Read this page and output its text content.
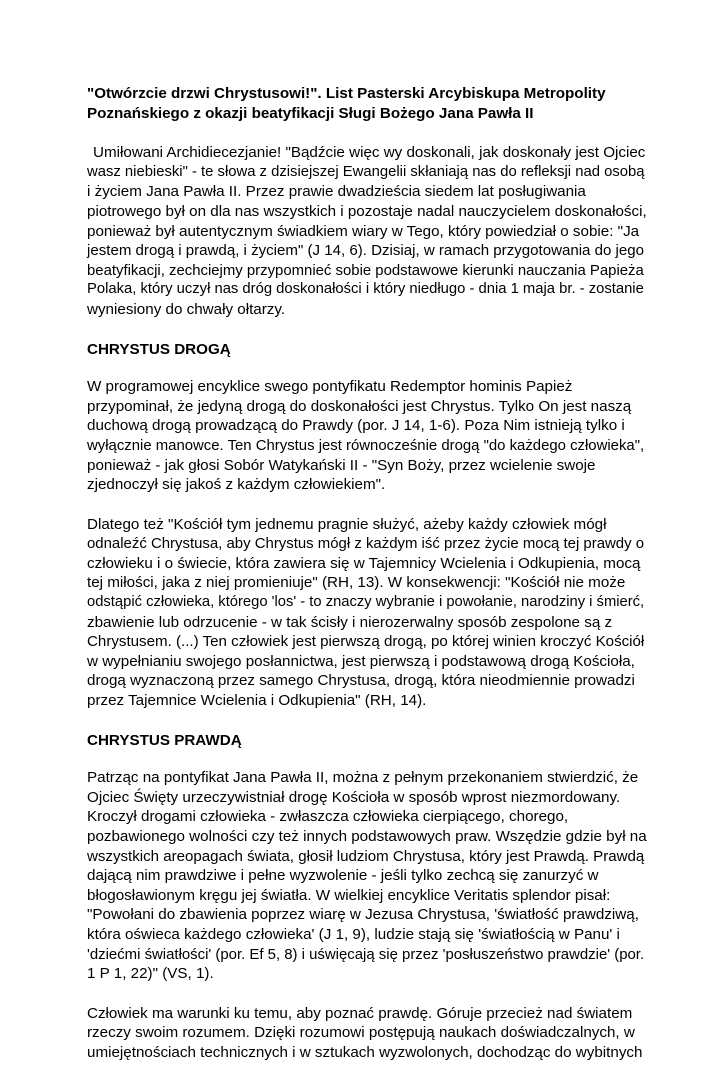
"Otwórzcie drzwi Chrystusowi!". List Pasterski Arcybiskupa Metropolity
Poznańskiego z okazji beatyfikacji Sługi Bożego Jana Pawła II

Umiłowani Archidiecezjanie! "Bądźcie więc wy doskonali, jak doskonały jest Ojciec
wasz niebieski" - te słowa z dzisiejszej Ewangelii skłaniają nas do refleksji nad osobą
i życiem Jana Pawła II. Przez prawie dwadzieścia siedem lat posługiwania
piotrowego był on dla nas wszystkich i pozostaje nadal nauczycielem doskonałości,
ponieważ był autentycznym świadkiem wiary w Tego, który powiedział o sobie: "Ja
jestem drogą i prawdą, i życiem" (J 14, 6). Dzisiaj, w ramach przygotowania do jego
beatyfikacji, zechciejmy przypomnieć sobie podstawowe kierunki nauczania Papieża
Polaka, który uczył nas dróg doskonałości i który niedługo - dnia 1 maja br. - zostanie
wyniesiony do chwały ołtarzy.

CHRYSTUS DROGĄ

W programowej encyklice swego pontyfikatu Redemptor hominis Papież
przypominał, że jedyną drogą do doskonałości jest Chrystus. Tylko On jest naszą
duchową drogą prowadzącą do Prawdy (por. J 14, 1-6). Poza Nim istnieją tylko i
wyłącznie manowce. Ten Chrystus jest równocześnie drogą "do każdego człowieka",
ponieważ - jak głosi Sobór Watykański II - "Syn Boży, przez wcielenie swoje
zjednoczył się jakoś z każdym człowiekiem".

Dlatego też "Kościół tym jednemu pragnie służyć, ażeby każdy człowiek mógł
odnaleźć Chrystusa, aby Chrystus mógł z każdym iść przez życie mocą tej prawdy o
człowieku i o świecie, która zawiera się w Tajemnicy Wcielenia i Odkupienia, mocą
tej miłości, jaka z niej promieniuje" (RH, 13). W konsekwencji: "Kościół nie może
odstąpić człowieka, którego 'los' - to znaczy wybranie i powołanie, narodziny i śmierć,
zbawienie lub odrzucenie - w tak ścisły i nierozerwalny sposób zespolone są z
Chrystusem. (...) Ten człowiek jest pierwszą drogą, po której winien kroczyć Kościół
w wypełnianiu swojego posłannictwa, jest pierwszą i podstawową drogą Kościoła,
drogą wyznaczoną przez samego Chrystusa, drogą, która nieodmiennie prowadzi
przez Tajemnice Wcielenia i Odkupienia" (RH, 14).

CHRYSTUS PRAWDĄ

Patrząc na pontyfikat Jana Pawła II, można z pełnym przekonaniem stwierdzić, że
Ojciec Święty urzeczywistniał drogę Kościoła w sposób wprost niezmordowany.
Kroczył drogami człowieka - zwłaszcza człowieka cierpiącego, chorego,
pozbawionego wolności czy też innych podstawowych praw. Wszędzie gdzie był na
wszystkich areopagach świata, głosił ludziom Chrystusa, który jest Prawdą. Prawdą
dającą nim prawdziwe i pełne wyzwolenie - jeśli tylko zechcą się zanurzyć w
błogosławionym kręgu jej światła. W wielkiej encyklice Veritatis splendor pisał:
"Powołani do zbawienia poprzez wiarę w Jezusa Chrystusa, 'światłość prawdziwą,
która oświeca każdego człowieka' (J 1, 9), ludzie stają się 'światłością w Panu' i
'dziećmi światłości' (por. Ef 5, 8) i uświęcają się przez 'posłuszeństwo prawdzie' (por.
1 P 1, 22)" (VS, 1).

Człowiek ma warunki ku temu, aby poznać prawdę. Góruje przecież nad światem
rzeczy swoim rozumem. Dzięki rozumowi postępują naukach doświadczalnych, w
umiejętnościach technicznych i w sztukach wyzwolonych, dochodząc do wybitnych
